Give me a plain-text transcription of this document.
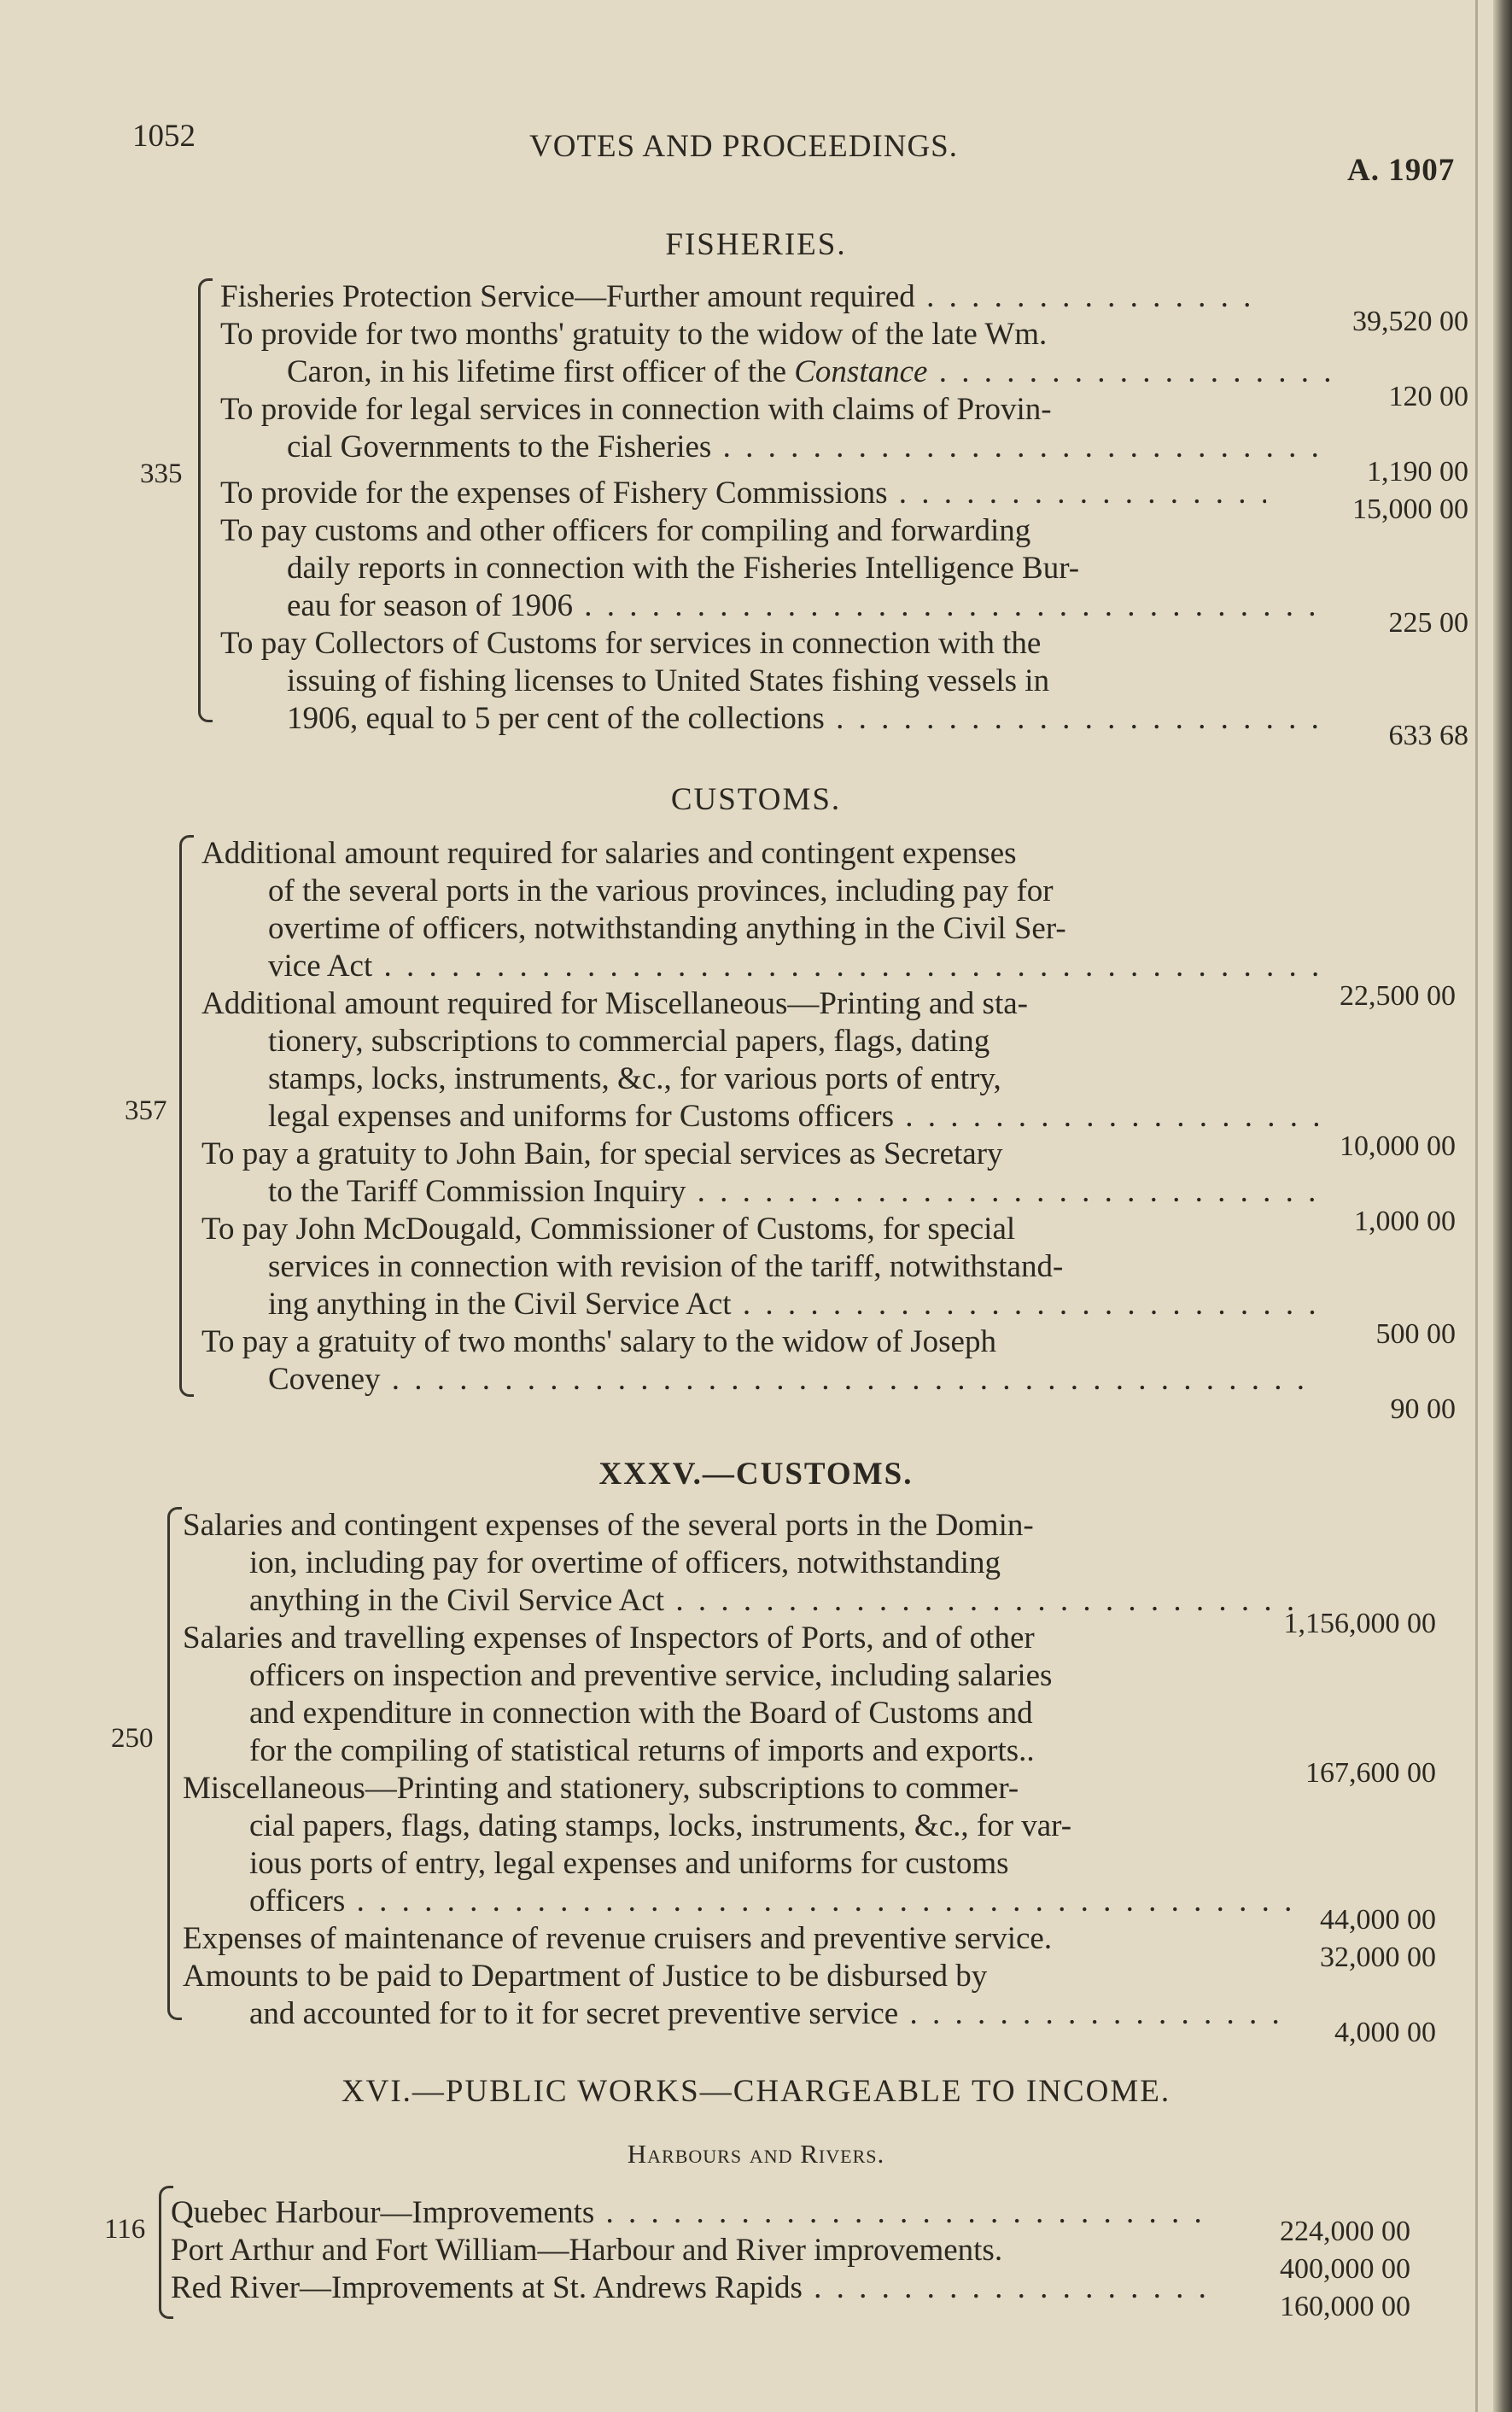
1052	VOTES AND PROCEEDINGS.
A. 1907
FISHERIES.
335
Fisheries Protection Service—Further amount required . . .
39,520 00
To provide for two months' gratuity to the widow of the late Wm.
Caron, in his lifetime first officer of the Constance . . .
120 00
To provide for legal services in connection with claims of Provin-
cial Governments to the Fisheries . . .
1,190 00
To provide for the expenses of Fishery Commissions . . .	15,000 00
To pay customs and other officers for compiling and forwarding
daily reports in connection with the Fisheries Intelligence Bur-
eau for season of 1906 . . .	225 00
To pay Collectors of Customs for services in connection with the
issuing of fishing licenses to United States fishing vessels in
1906, equal to 5 per cent of the collections . . .	633 68
CUSTOMS.
357
Additional amount required for salaries and contingent expenses
of the several ports in the various provinces, including pay for
overtime of officers, notwithstanding anything in the Civil Ser-
vice Act . . .
22,500 00
Additional amount required for Miscellaneous—Printing and sta-
tionery, subscriptions to commercial papers, flags, dating
stamps, locks, instruments, &c., for various ports of entry,
legal expenses and uniforms for Customs officers . . .
10,000 00
To pay a gratuity to John Bain, for special services as Secretary
to the Tariff Commission Inquiry . . .
1,000 00
To pay John McDougald, Commissioner of Customs, for special
services in connection with revision of the tariff, notwithstand-
ing anything in the Civil Service Act . . .
500 00
To pay a gratuity of two months' salary to the widow of Joseph
Coveney . . .
90 00
XXXV.—CUSTOMS.
250
Salaries and contingent expenses of the several ports in the Domin-
ion, including pay for overtime of officers, notwithstanding
anything in the Civil Service Act . . .
1,156,000 00
Salaries and travelling expenses of Inspectors of Ports, and of other
officers on inspection and preventive service, including salaries
and expenditure in connection with the Board of Customs and
for the compiling of statistical returns of imports and exports..
167,600 00
Miscellaneous—Printing and stationery, subscriptions to commer-
cial papers, flags, dating stamps, locks, instruments, &c., for var-
ious ports of entry, legal expenses and uniforms for customs
officers . . .
44,000 00
Expenses of maintenance of revenue cruisers and preventive service.
32,000 00
Amounts to be paid to Department of Justice to be disbursed by
and accounted for to it for secret preventive service . . .
4,000 00
XVI.—PUBLIC WORKS—CHARGEABLE TO INCOME.
Harbours and Rivers.
116 Quebec Harbour—Improvements . . .
224,000 00
Port Arthur and Fort William—Harbour and River improvements.
400,000 00
Red River—Improvements at St. Andrews Rapids . . .
160,000 00
